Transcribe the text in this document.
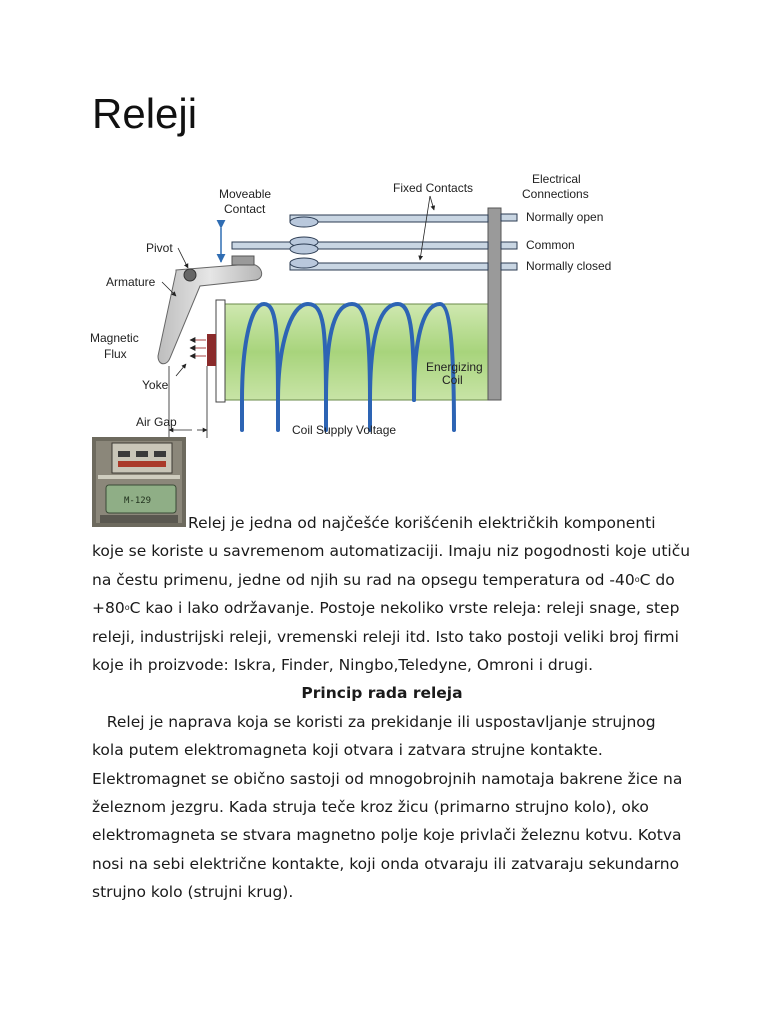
Releji
Moveable
Contact
Fixed Contacts
Electrical
Connections
Normally open
Common
Normally closed
Pivot
Armature
Magnetic
Flux
Yoke
Energizing
Coil
Air Gap
Coil Supply Voltage
M-129

Relej je jedna od najčešće korišćenih električkih komponenti koje se koriste u savremenom automatizaciji. Imaju niz pogodnosti koje utiču na čestu primenu, jedne od njih su rad na opsegu temperatura od -40$^o$C do $+80^oC$ kao i lako održavanje. Postoje nekoliko vrste releja: releji snage, step releji, industrijski releji, vremenski releji itd. Isto tako postoji veliki broj firmi koje ih proizvode: Iskra, Finder, Ningbo,Teledyne, Omroni i drugi.

Princip rada releja

Relej je naprava koja se koristi za prekidanje ili uspostavljanje strujnog kola putem elektromagneta koji otvara i zatvara strujne kontakte. Elektromagnet se obično sastoji od mnogobrojnih namotaja bakrene žice na železnom jezgru. Kada struja teče kroz žicu (primarno strujno kolo), oko elektromagneta se stvara magnetno polje koje privlači železnu kotvu. Kotva nosi na sebi električne kontakte, koji onda otvaraju ili zatvaraju sekundarno strujno kolo (strujni krug).
